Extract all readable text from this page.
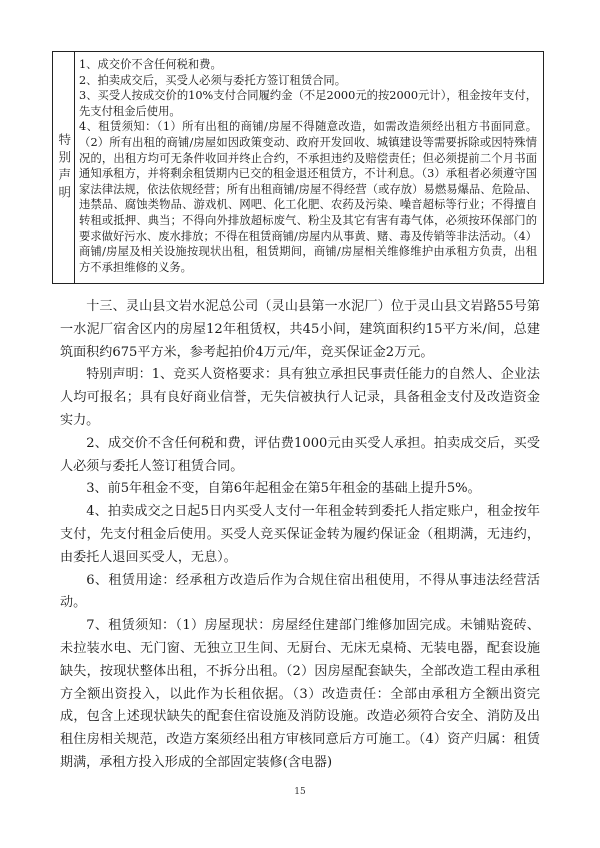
特别声明

1、成交价不含任何税和费。

2、拍卖成交后，买受人必须与委托方签订租赁合同。

3、买受人按成交价的10%支付合同履约金（不足2000元的按2000元计），租金按年支付，先支付租金后使用。

4、租赁须知：（1）所有出租的商铺/房屋不得随意改造，如需改造须经出租方书面同意。（2）所有出租的商铺/房屋如因政策变动、政府开发回收、城镇建设等需要拆除或因特殊情况的，出租方均可无条件收回并终止合约，不承担违约及赔偿责任；但必须提前二个月书面通知承租方，并将剩余租赁期内已交的租金退还租赁方，不计利息。（3）承租者必须遵守国家法律法规，依法依规经营；所有出租商铺/房屋不得经营（或存放）易燃易爆品、危险品、违禁品、腐蚀类物品、游戏机、网吧、化工化肥、农药及污染、噪音超标等行业；不得擅自转租或抵押、典当；不得向外排放超标废气、粉尘及其它有害有毒气体，必须按环保部门的要求做好污水、废水排放；不得在租赁商铺/房屋内从事黄、赌、毒及传销等非法活动。（4）商铺/房屋及相关设施按现状出租，租赁期间，商铺/房屋相关维修维护由承租方负责，出租方不承担维修的义务。

十三、灵山县文岩水泥总公司（灵山县第一水泥厂）位于灵山县文岩路55号第一水泥厂宿舍区内的房屋12年租赁权，共45小间，建筑面积约15平方米/间，总建筑面积约675平方米，参考起拍价4万元/年，竞买保证金2万元。

特别声明：1、竞买人资格要求：具有独立承担民事责任能力的自然人、企业法人均可报名；具有良好商业信誉，无失信被执行人记录，具备租金支付及改造资金实力。

2、成交价不含任何税和费，评估费1000元由买受人承担。拍卖成交后，买受人必须与委托人签订租赁合同。

3、前5年租金不变，自第6年起租金在第5年租金的基础上提升5%。

4、拍卖成交之日起5日内买受人支付一年租金转到委托人指定账户，租金按年支付，先支付租金后使用。买受人竞买保证金转为履约保证金（租期满，无违约，由委托人退回买受人，无息）。

6、租赁用途：经承租方改造后作为合规住宿出租使用，不得从事违法经营活动。

7、租赁须知：（1）房屋现状：房屋经住建部门维修加固完成。未铺贴瓷砖、未拉装水电、无门窗、无独立卫生间、无厨台、无床无桌椅、无装电器，配套设施缺失，按现状整体出租，不拆分出租。（2）因房屋配套缺失，全部改造工程由承租方全额出资投入，以此作为长租依据。（3）改造责任：全部由承租方全额出资完成，包含上述现状缺失的配套住宿设施及消防设施。改造必须符合安全、消防及出租住房相关规范，改造方案须经出租方审核同意后方可施工。（4）资产归属：租赁期满，承租方投入形成的全部固定装修(含电器)

15
